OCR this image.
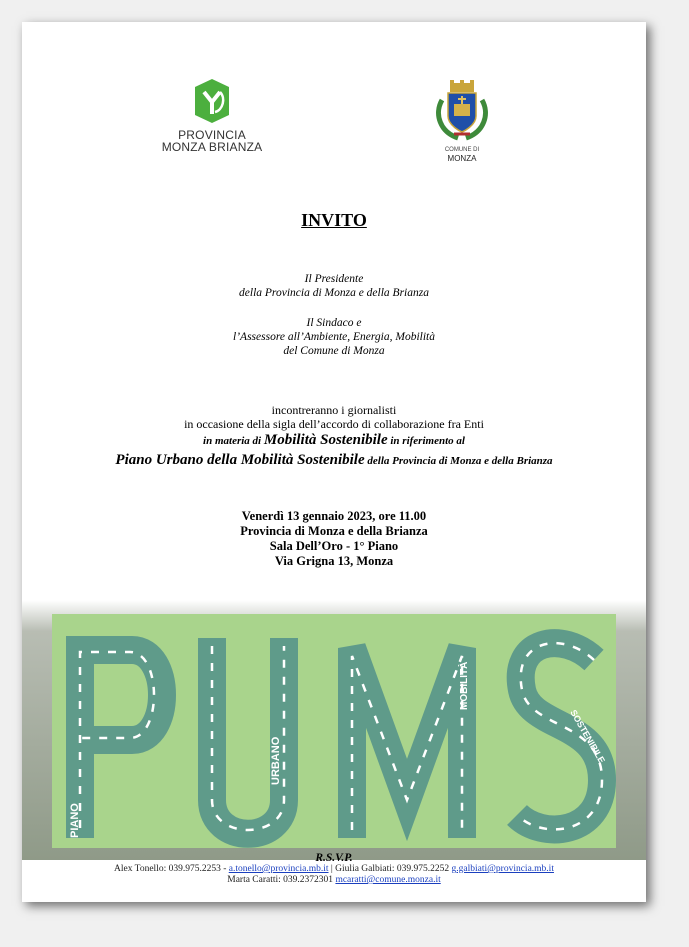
PROVINCIA
MONZA BRIANZA	COMUNE DI
MONZA
INVITO
Il Presidente
della Provincia di Monza e della Brianza
Il Sindaco e
l’Assessore all’Ambiente, Energia, Mobilità
del Comune di Monza
incontreranno i giornalisti
in occasione della sigla dell’accordo di collaborazione fra Enti
in materia di Mobilità Sostenibile in riferimento al
Piano Urbano della Mobilità Sostenibile della Provincia di Monza e della Brianza
Venerdì 13 gennaio 2023, ore 11.00
Provincia di Monza e della Brianza
Sala Dell’Oro - 1° Piano
Via Grigna 13, Monza
PIANO
URBANO
MOBILITÀ
SOSTENIBILE
R.S.V.P.
Alex Tonello: 039.975.2253 - a.tonello@provincia.mb.it | Giulia Galbiati: 039.975.2252 g.galbiati@provincia.mb.it
Marta Caratti: 039.2372301 mcaratti@comune.monza.it
